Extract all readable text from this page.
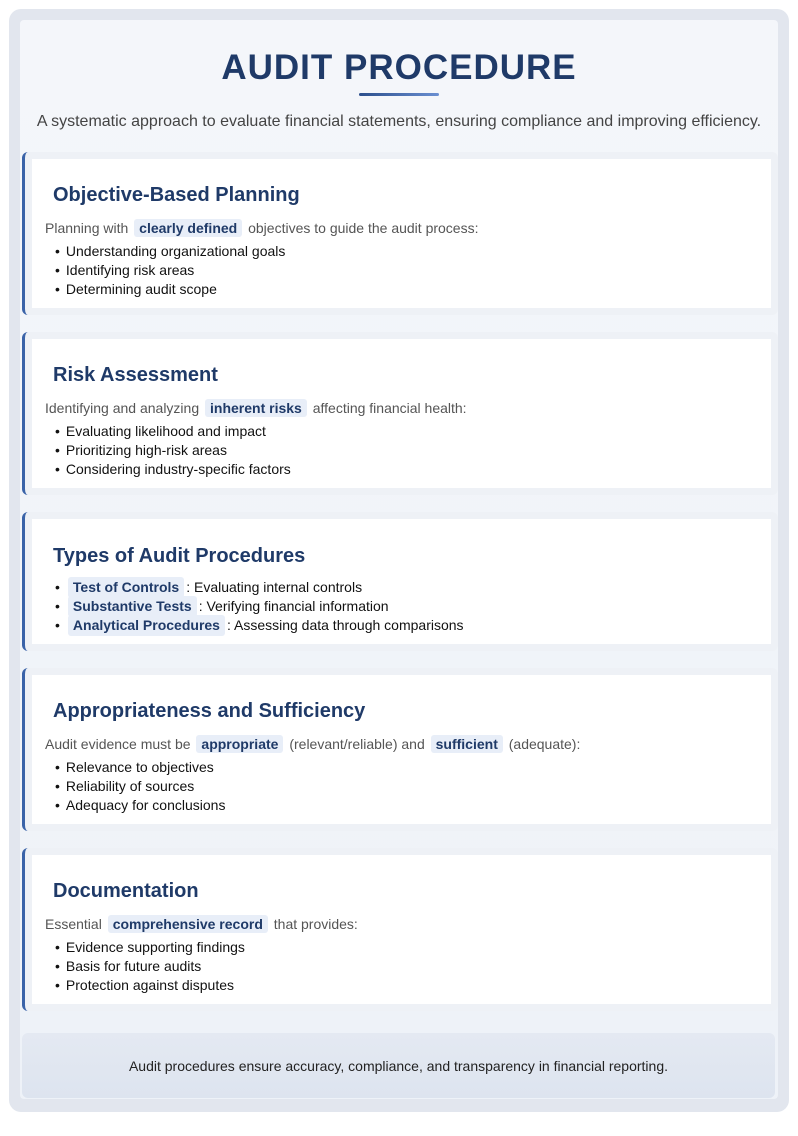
AUDIT PROCEDURE
A systematic approach to evaluate financial statements, ensuring compliance and improving efficiency.
Objective-Based Planning
Planning with clearly defined objectives to guide the audit process:
• Understanding organizational goals
• Identifying risk areas
• Determining audit scope
Risk Assessment
Identifying and analyzing inherent risks affecting financial health:
• Evaluating likelihood and impact
• Prioritizing high-risk areas
• Considering industry-specific factors
Types of Audit Procedures
• Test of Controls : Evaluating internal controls
• Substantive Tests : Verifying financial information
• Analytical Procedures : Assessing data through comparisons
Appropriateness and Sufficiency
Audit evidence must be appropriate (relevant/reliable) and sufficient (adequate):
• Relevance to objectives
• Reliability of sources
• Adequacy for conclusions
Documentation
Essential comprehensive record that provides:
• Evidence supporting findings
• Basis for future audits
• Protection against disputes
Audit procedures ensure accuracy, compliance, and transparency in financial reporting.
